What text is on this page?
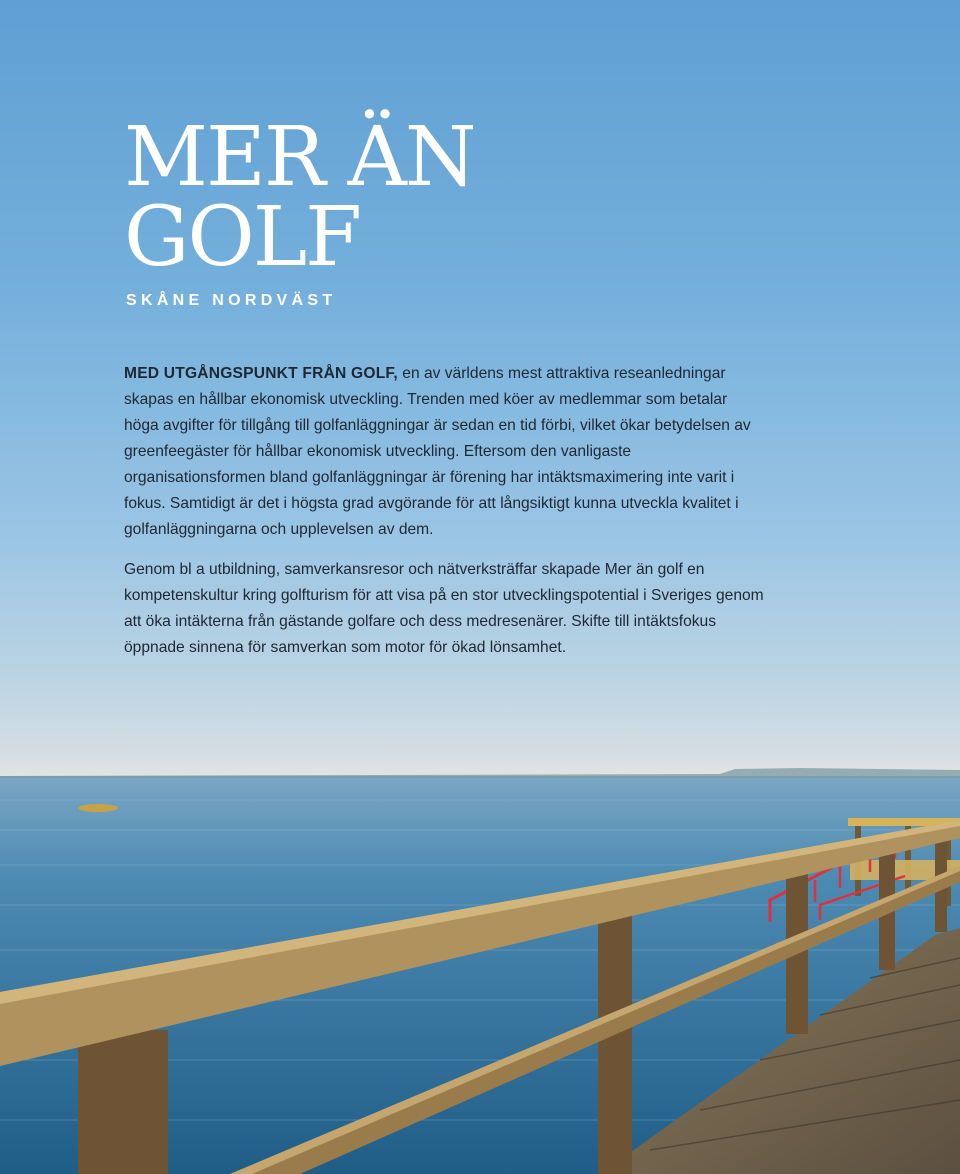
MER ÄN
GOLF
SKÅNE NORDVÄST

MED UTGÅNGSPUNKT FRÅN GOLF, en av världens mest attraktiva reseanledningar skapas en hållbar ekonomisk utveckling. Trenden med köer av medlemmar som betalar höga avgifter för tillgång till golfanläggningar är sedan en tid förbi, vilket ökar betydelsen av greenfeegäster för hållbar ekonomisk utveckling. Eftersom den vanligaste organisationsformen bland golfanläggningar är förening har intäktsmaximering inte varit i fokus. Samtidigt är det i högsta grad avgörande för att långsiktigt kunna utveckla kvalitet i golfanläggningarna och upplevelsen av dem.

Genom bl a utbildning, samverkansresor och nätverksträffar skapade Mer än golf en kompetenskultur kring golfturism för att visa på en stor utvecklingspotential i Sveriges genom att öka intäkterna från gästande golfare och dess medresenärer. Skifte till intäktsfokus öppnade sinnena för samverkan som motor för ökad lönsamhet.
